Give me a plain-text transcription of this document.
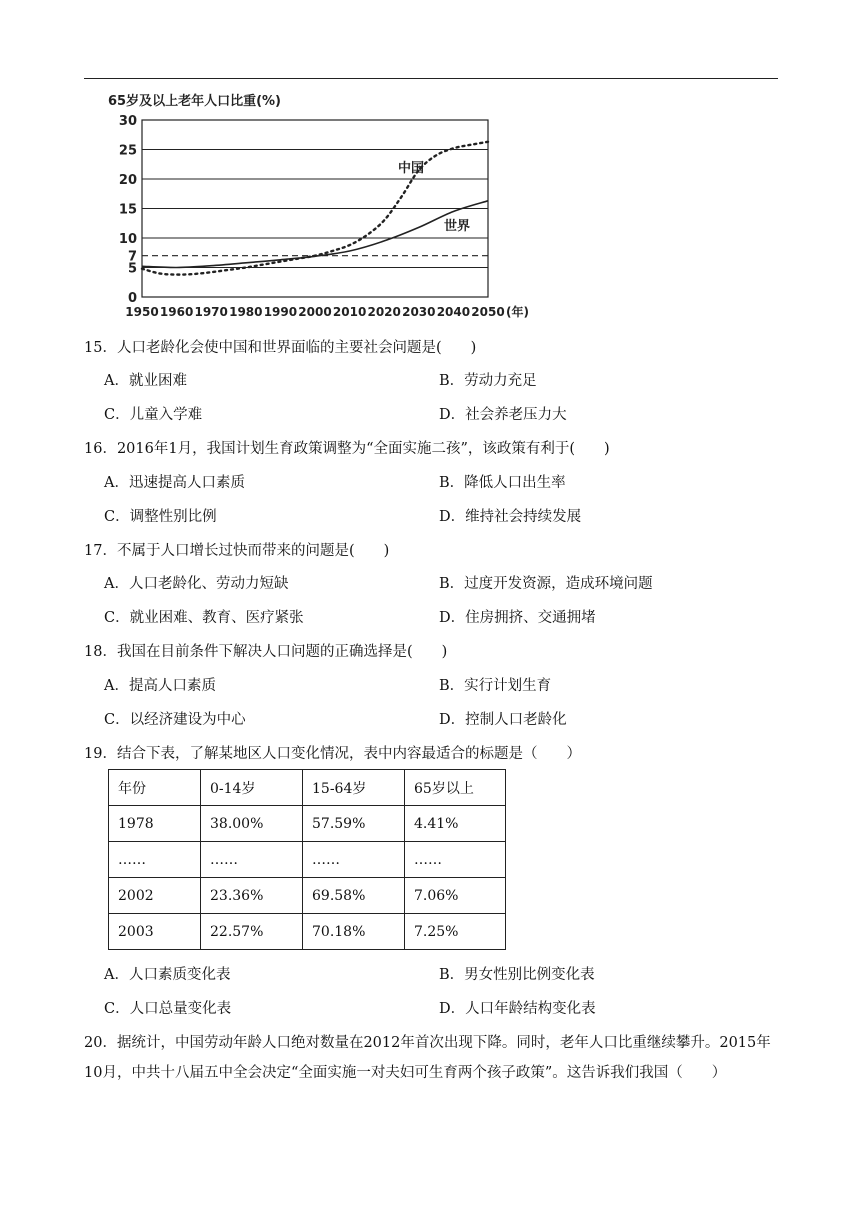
65岁及以上老年人口比重(%)
0
5
7
10
15
20
25
30
1950 1960 1970 1980 1990 2000 2010 2020 2030 2040 2050 (年)
中国
世界
15．人口老龄化会使中国和世界面临的主要社会问题是(　　)
A．就业困难	B．劳动力充足
C．儿童入学难	D．社会养老压力大
16．2016年1月，我国计划生育政策调整为“全面实施二孩”，该政策有利于(　　)
A．迅速提高人口素质	B．降低人口出生率
C．调整性别比例	D．维持社会持续发展
17．不属于人口增长过快而带来的问题是(　　)
A．人口老龄化、劳动力短缺	B．过度开发资源，造成环境问题
C．就业困难、教育、医疗紧张	D．住房拥挤、交通拥堵
18．我国在目前条件下解决人口问题的正确选择是(　　)
A．提高人口素质	B．实行计划生育
C．以经济建设为中心	D．控制人口老龄化
19．结合下表，了解某地区人口变化情况，表中内容最适合的标题是（　　）
年份	0-14岁	15-64岁	65岁以上
1978	38.00%	57.59%	4.41%
……	……	……	……
2002	23.36%	69.58%	7.06%
2003	22.57%	70.18%	7.25%
A．人口素质变化表	B．男女性别比例变化表
C．人口总量变化表	D．人口年龄结构变化表
20．据统计，中国劳动年龄人口绝对数量在2012年首次出现下降。同时，老年人口比重继续攀升。2015年10月，中共十八届五中全会决定“全面实施一对夫妇可生育两个孩子政策”。这告诉我们我国（　　）
